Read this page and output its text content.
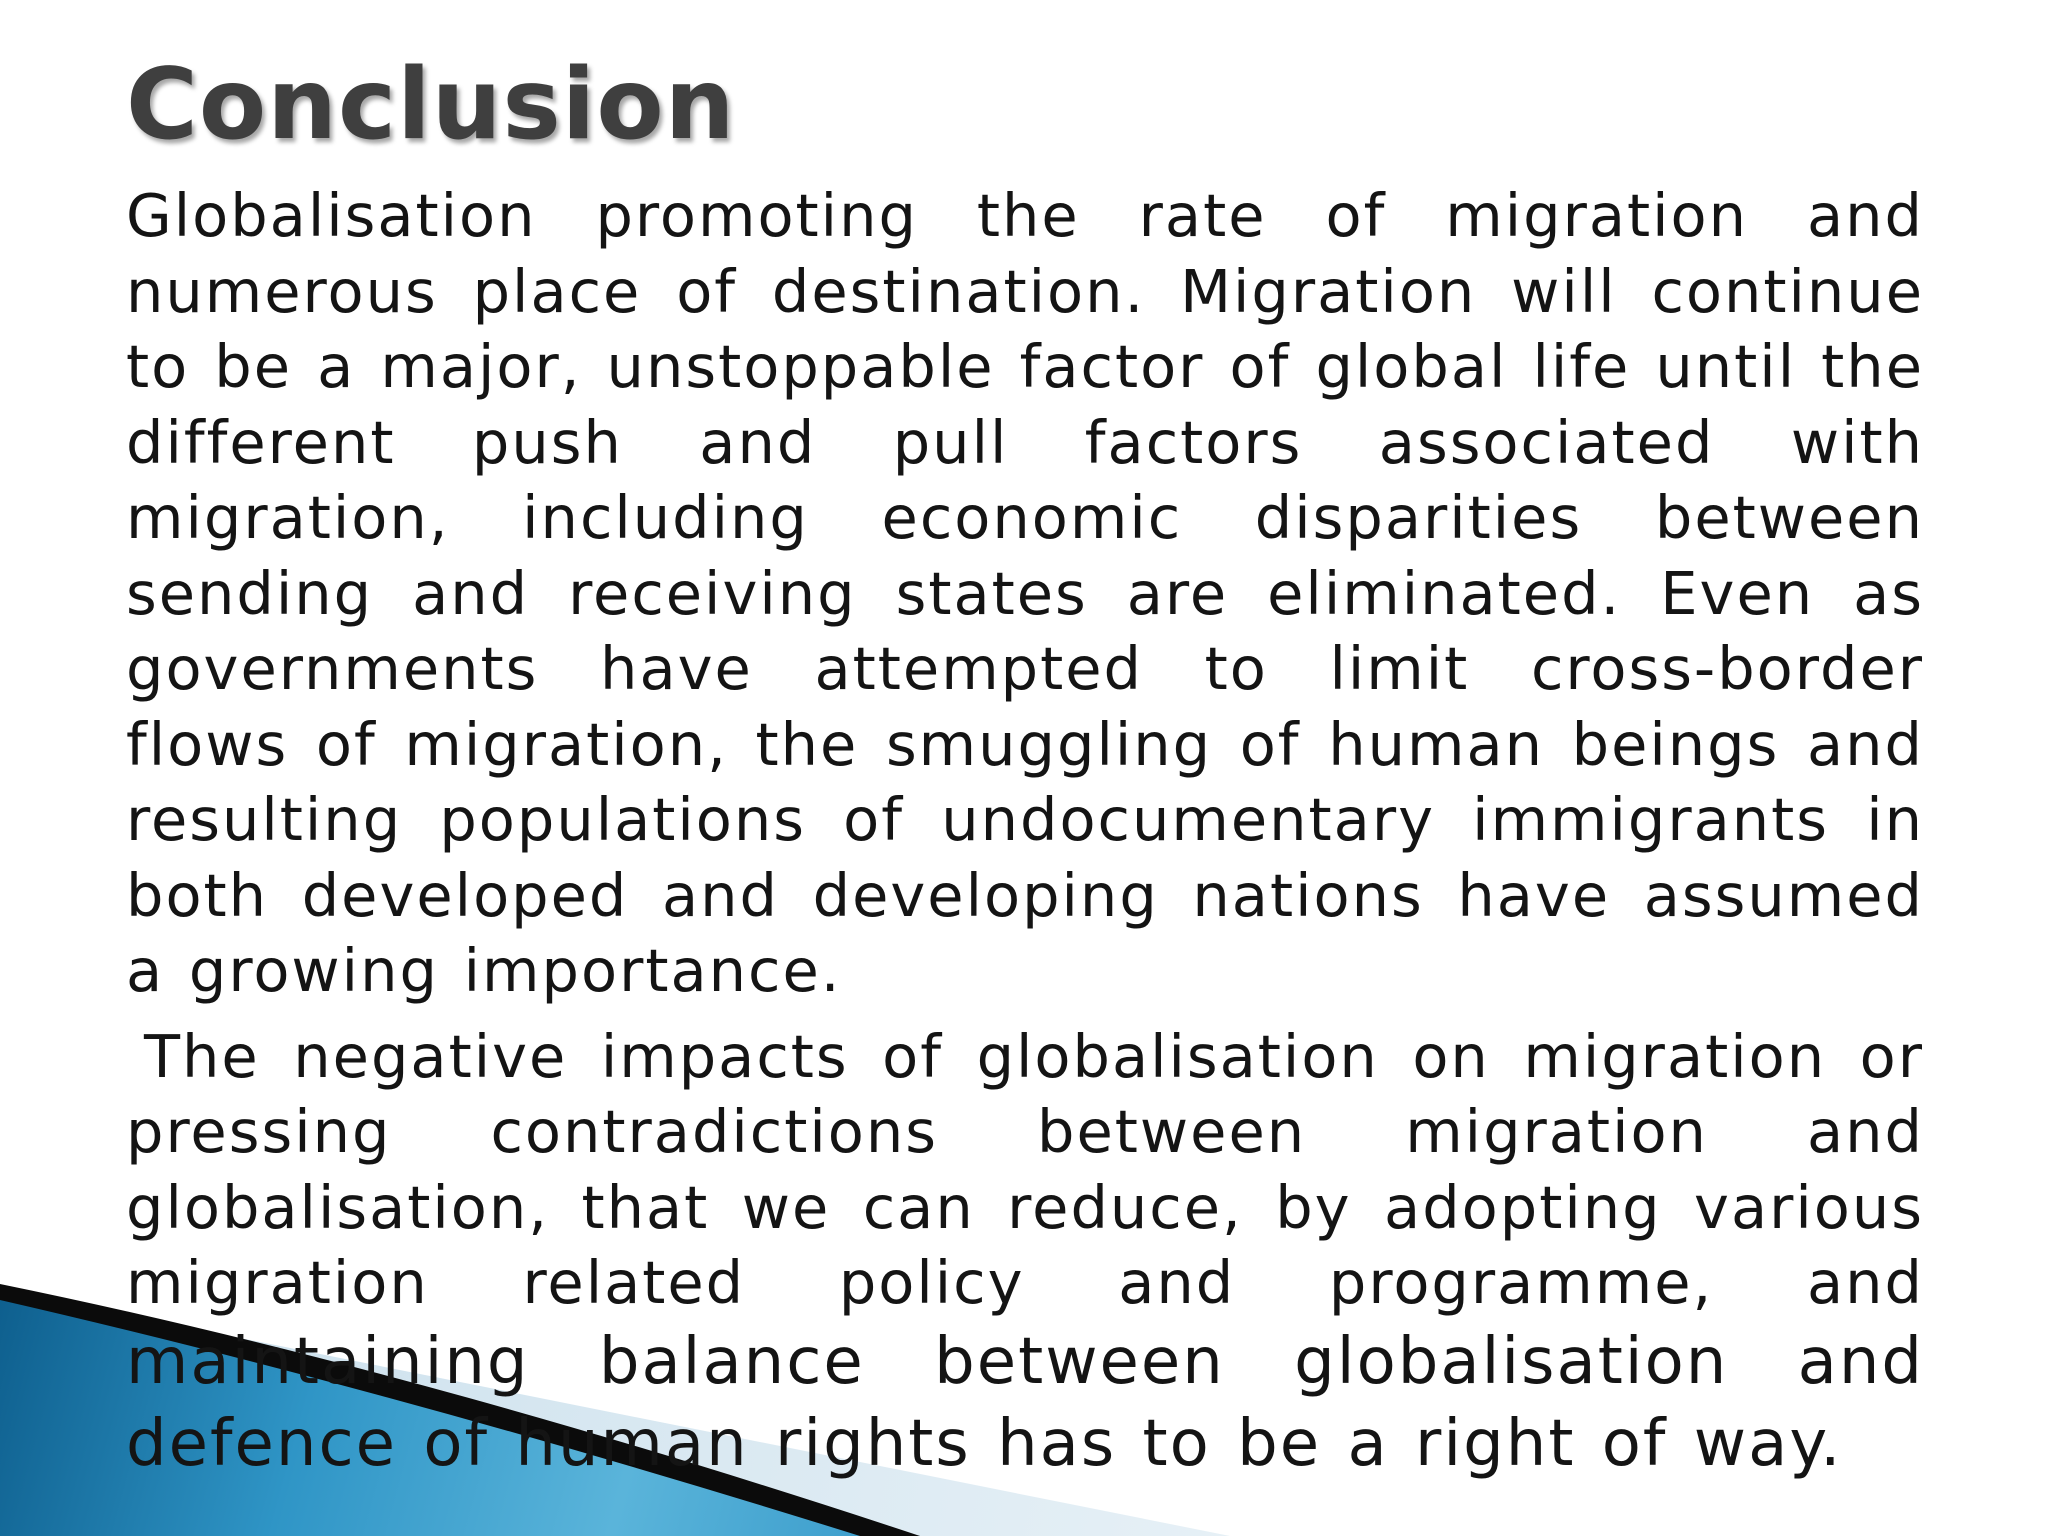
Conclusion

Globalisation promoting the rate of migration and numerous place of destination. Migration will continue to be a major, unstoppable factor of global life until the different push and pull factors associated with migration, including economic disparities between sending and receiving states are eliminated. Even as governments have attempted to limit cross-border flows of migration, the smuggling of human beings and resulting populations of undocumentary immigrants in both developed and developing nations have assumed a growing importance.

The negative impacts of globalisation on migration or pressing contradictions between migration and globalisation, that we can reduce, by adopting various migration related policy and programme, and maintaining balance between globalisation and defence of human rights has to be a right of way.
